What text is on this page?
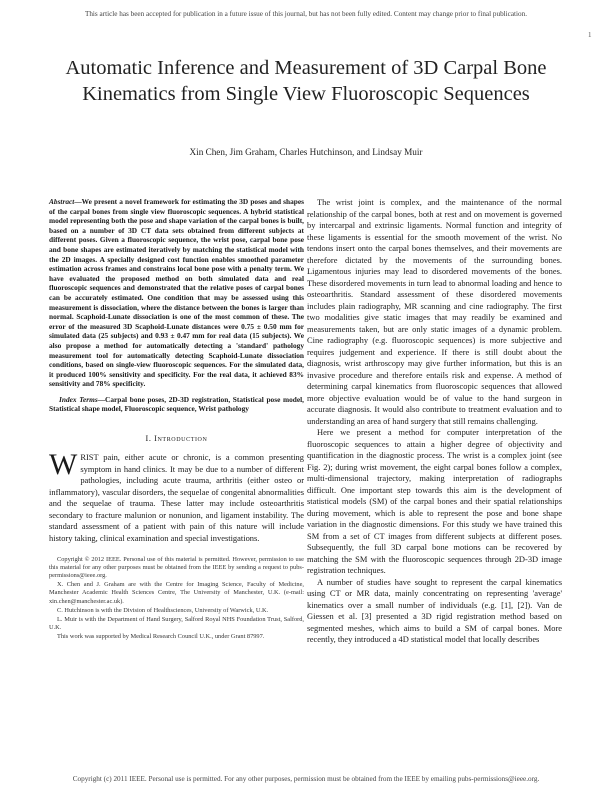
This article has been accepted for publication in a future issue of this journal, but has not been fully edited. Content may change prior to final publication.
1
Automatic Inference and Measurement of 3D Carpal Bone Kinematics from Single View Fluoroscopic Sequences
Xin Chen, Jim Graham, Charles Hutchinson, and Lindsay Muir

Abstract—We present a novel framework for estimating the 3D poses and shapes of the carpal bones from single view fluoroscopic sequences. A hybrid statistical model representing both the pose and shape variation of the carpal bones is built, based on a number of 3D CT data sets obtained from different subjects at different poses. Given a fluoroscopic sequence, the wrist pose, carpal bone pose and bone shapes are estimated iteratively by matching the statistical model with the 2D images. A specially designed cost function enables smoothed parameter estimation across frames and constrains local bone pose with a penalty term. We have evaluated the proposed method on both simulated data and real fluoroscopic sequences and demonstrated that the relative poses of carpal bones can be accurately estimated. One condition that may be assessed using this measurement is dissociation, where the distance between the bones is larger than normal. Scaphoid-Lunate dissociation is one of the most common of these. The error of the measured 3D Scaphoid-Lunate distances were 0.75 ± 0.50 mm for simulated data (25 subjects) and 0.93 ± 0.47 mm for real data (15 subjects). We also propose a method for automatically detecting a 'standard' pathology measurement tool for automatically detecting Scaphoid-Lunate dissociation conditions, based on single-view fluoroscopic sequences. For the simulated data, it produced 100% sensitivity and specificity. For the real data, it achieved 83% sensitivity and 78% specificity.

Index Terms—Carpal bone poses, 2D-3D registration, Statistical pose model, Statistical shape model, Fluoroscopic sequence, Wrist pathology

I. Introduction

WRIST pain, either acute or chronic, is a common presenting symptom in hand clinics. It may be due to a number of different pathologies, including acute trauma, arthritis (either osteo or inflammatory), vascular disorders, the sequelae of congenital abnormalities and the sequelae of trauma. These latter may include osteoarthritis secondary to fracture malunion or nonunion, and ligament instability. The standard assessment of a patient with pain of this nature will include history taking, clinical examination and special investigations.

Copyright © 2012 IEEE. Personal use of this material is permitted. However, permission to use this material for any other purposes must be obtained from the IEEE by sending a request to pubs-permissions@ieee.org.

X. Chen and J. Graham are with the Centre for Imaging Science, Faculty of Medicine, Manchester Academic Health Sciences Centre, The University of Manchester, U.K. (e-mail: xin.chen@manchester.ac.uk).

C. Hutchinson is with the Division of Healthsciences, University of Warwick, U.K.

L. Muir is with the Department of Hand Surgery, Salford Royal NHS Foundation Trust, Salford, U.K.

This work was supported by Medical Research Council U.K., under Grant 87997.

The wrist joint is complex, and the maintenance of the normal relationship of the carpal bones, both at rest and on movement is governed by intercarpal and extrinsic ligaments. Normal function and integrity of these ligaments is essential for the smooth movement of the wrist. No tendons insert onto the carpal bones themselves, and their movements are therefore dictated by the movements of the surrounding bones. Ligamentous injuries may lead to disordered movements of the bones. These disordered movements in turn lead to abnormal loading and hence to osteoarthritis. Standard assessment of these disordered movements includes plain radiography, MR scanning and cine radiography. The first two modalities give static images that may readily be examined and measurements taken, but are only static images of a dynamic problem. Cine radiography (e.g. fluoroscopic sequences) is more subjective and requires judgement and experience. If there is still doubt about the diagnosis, wrist arthroscopy may give further information, but this is an invasive procedure and therefore entails risk and expense. A method of determining carpal kinematics from fluoroscopic sequences that allowed more objective evaluation would be of value to the hand surgeon in accurate diagnosis. It would also contribute to treatment evaluation and to understanding an area of hand surgery that still remains challenging.

Here we present a method for computer interpretation of the fluoroscopic sequences to attain a higher degree of objectivity and quantification in the diagnostic process. The wrist is a complex joint (see Fig. 2); during wrist movement, the eight carpal bones follow a complex, multi-dimensional trajectory, making interpretation of radiographs difficult. One important step towards this aim is the development of statistical models (SM) of the carpal bones and their spatial relationships during movement, which is able to represent the pose and bone shape variation in the diagnostic dimensions. For this study we have trained this SM from a set of CT images from different subjects at different poses. Subsequently, the full 3D carpal bone motions can be recovered by matching the SM with the fluoroscopic sequences through 2D-3D image registration techniques.

A number of studies have sought to represent the carpal kinematics using CT or MR data, mainly concentrating on representing 'average' kinematics over a small number of individuals (e.g. [1], [2]). Van de Giessen et al. [3] presented a 3D rigid registration method based on segmented meshes, which aims to build a SM of carpal bones. More recently, they introduced a 4D statistical model that locally describes

Copyright (c) 2011 IEEE. Personal use is permitted. For any other purposes, permission must be obtained from the IEEE by emailing pubs-permissions@ieee.org.
